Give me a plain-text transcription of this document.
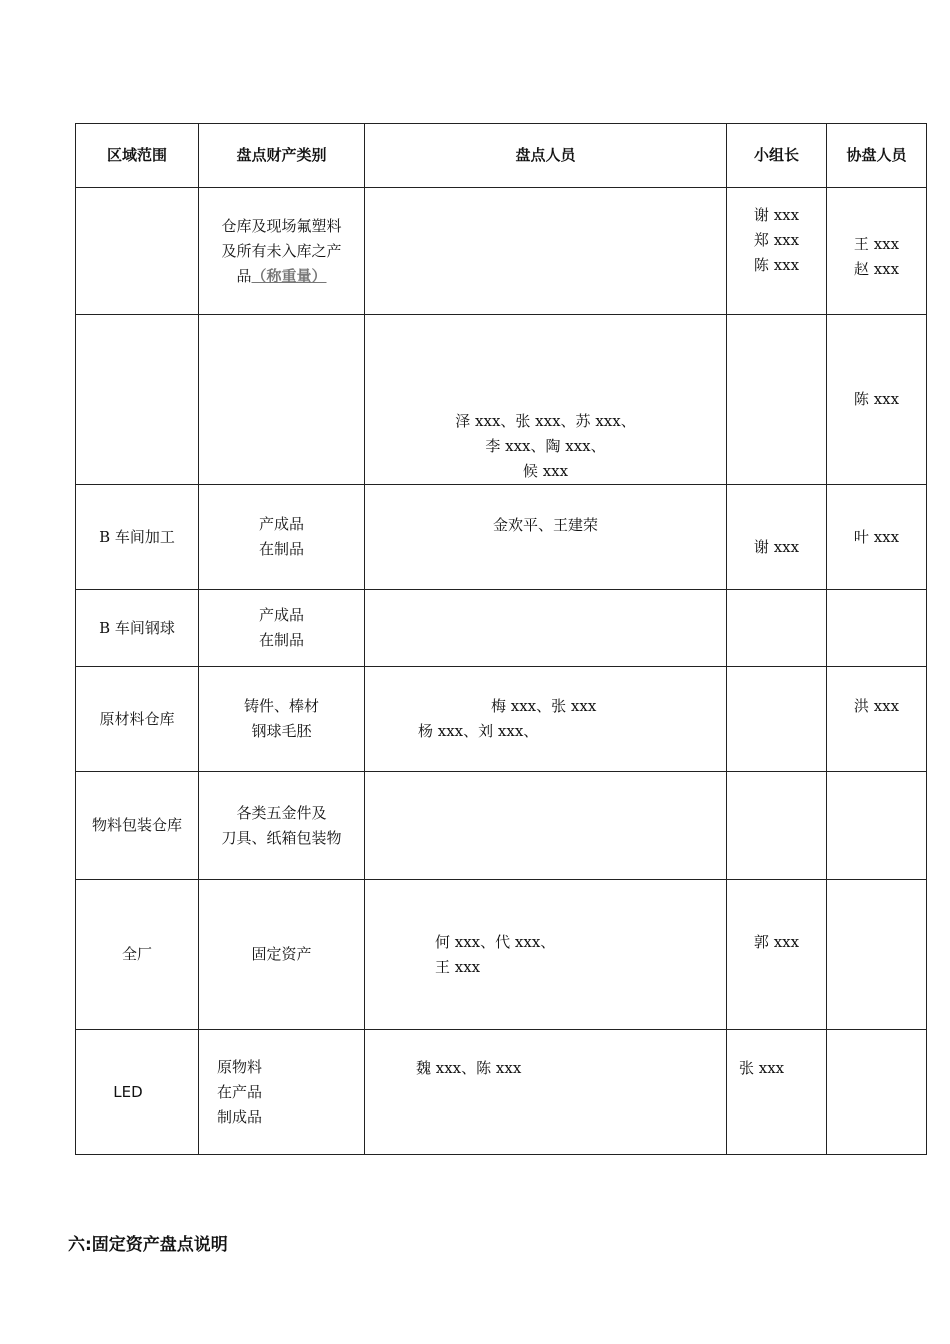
区域范围	盘点财产类别	盘点人员	小组长	协盘人员

	仓库及现场氟塑料
及所有未入库之产
品（称重量）		谢 xxx
郑 xxx
陈 xxx	王 xxx
赵 xxx

		泽 xxx、张 xxx、苏 xxx、
李 xxx、陶 xxx、
候 xxx		陈 xxx

B 车间加工	产成品
在制品	金欢平、王建荣	谢 xxx	叶 xxx

B 车间钢球	产成品
在制品			

原材料仓库	铸件、棒材
钢球毛胚	梅 xxx、张 xxx
杨 xxx、刘 xxx、		洪 xxx

物料包装仓库	各类五金件及
刀具、纸箱包装物			

全厂	固定资产	何 xxx、代 xxx、
王 xxx	郭 xxx	

LED	原物料
在产品
制成品	魏 xxx、陈 xxx	张 xxx	

六:固定资产盘点说明
